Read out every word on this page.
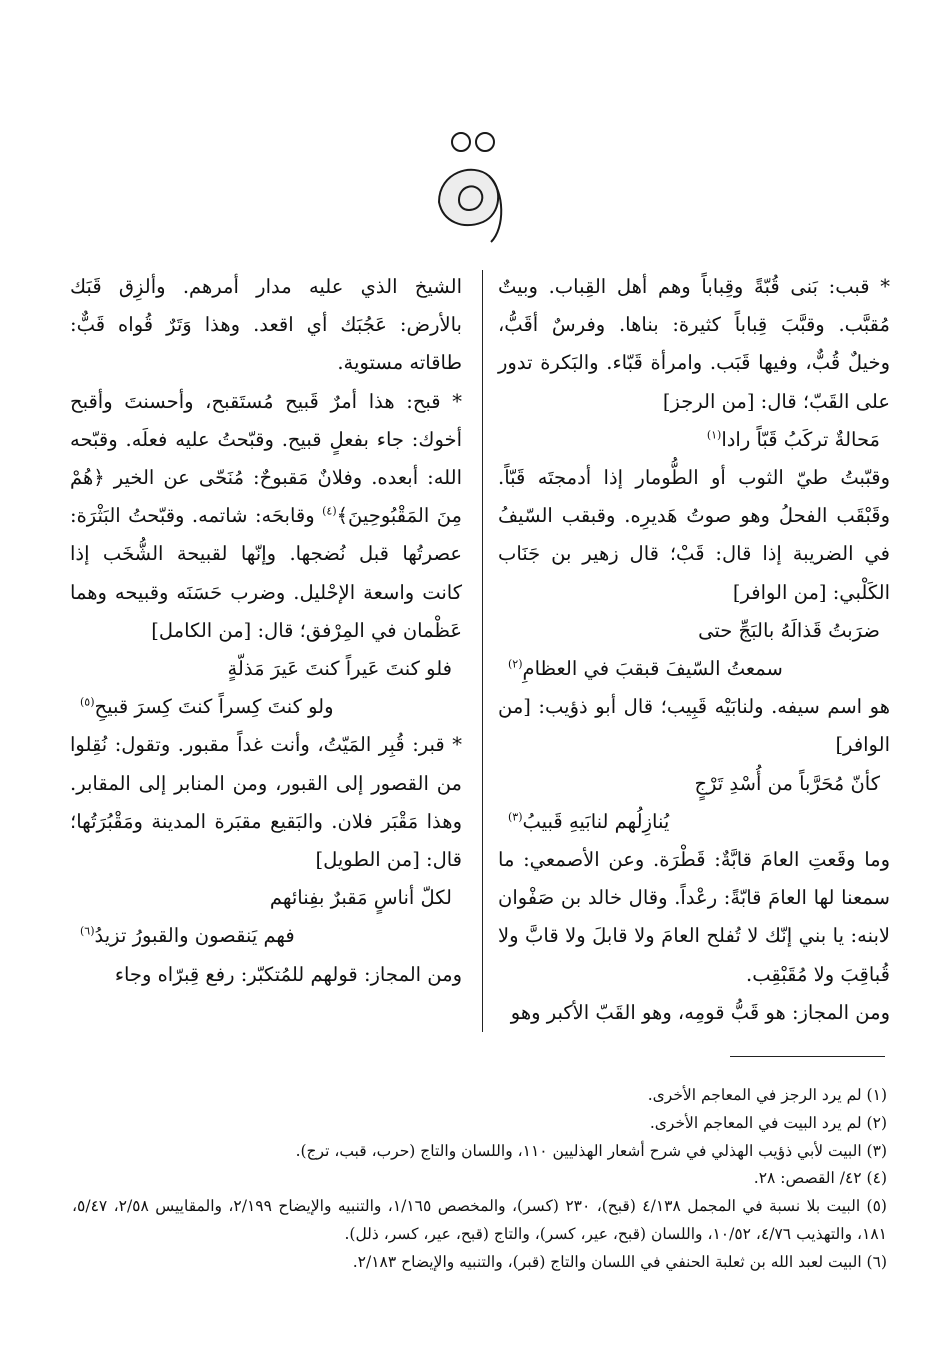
* قبب: بَنى قُبّةً وقِباباً وهم أهل القِباب. وبيتٌ مُقبَّب. وقبَّبَ قِباباً كثيرة: بناها. وفرسٌ أقَبُّ، وخيلٌ قُبٌّ، وفيها قَبَب. وامرأة قَبّاء. والبَكرة تدور على القَبّ؛ قال: [من الرجز]

مَحالةٌ تركَبُ قَبّاً رادا$^{(١)}$

وقبّبتُ طيّ الثوب أو الطُّومار إذا أدمجتَه قَبّاً. وقَبْقَب الفحلُ وهو صوتُ هَديرِه. وقبقب السّيفُ في الضريبة إذا قال: قَبْ؛ قال زهير بن جَنَاب الكَلْبي: [من الوافر]

ضرَبتُ قَذالَهُ بالبَجِّ حتى
سمعتُ السّيفَ قبقبَ في العظامِ$^{(٢)}$

هو اسم سيفه. ولنابَيْه قَبِيب؛ قال أبو ذؤيب: [من الوافر]

كأنّ مُحَرَّباً من أُسْدِ تَرْجٍ
يُنازِلُهم لنابَيهِ قَبيبُ$^{(٣)}$

وما وقَعتِ العامَ قابَّةٌ: قَطْرَة. وعن الأصمعي: ما سمعنا لها العامَ قابّةً: رعْداً. وقال خالد بن صَفْوان لابنه: يا بني إنّك لا تُفلح العامَ ولا قابلَ ولا قابَّ ولا قُباقِبَ ولا مُقَبْقِب.

ومن المجاز: هو قَبُّ قومِه، وهو القَبّ الأكبر وهو

الشيخ الذي عليه مدار أمرهم. وألزِق قَبَك بالأرض: عَجُبَك أي اقعد. وهذا وَتَرٌ قُواه قَبٌّ: طاقاته مستوية.

* قبح: هذا أمرٌ قَبيح مُستَقبح، وأحسنتَ وأقبح أخوك: جاء بفعلٍ قبيح. وقبّحتُ عليه فعلَه. وقبّحه الله: أبعده. وفلانٌ مَقبوحٌ: مُنَحّى عن الخير ﴿هُمْ مِنَ المَقْبُوحِينَ﴾$^{(٤)}$ وقابحَه: شاتمه. وقبّحتُ البَثْرَة: عصرتُها قبل نُضجها. وإنّها لقبيحة الشُّخَب إذا كانت واسعة الإحْليل. وضرب حَسَنَه وقبيحه وهما عَظْمان في المِرْفق؛ قال: [من الكامل]

فلو كنتَ عَيراً كنتَ عَيرَ مَذلّةٍ
ولو كنتَ كِسراً كنتَ كِسرَ قبيحِ$^{(٥)}$

* قبر: قُبِر المَيّتُ، وأنت غداً مقبور. وتقول: نُقِلوا من القصور إلى القبور، ومن المنابر إلى المقابر. وهذا مَقْبَر فلان. والبَقيع مقبَرة المدينة ومَقْبُرَتُها؛ قال: [من الطويل]

لكلّ أناسٍ مَقبرٌ بفِنائهم
فهم يَنقصون والقبورُ تزيدُ$^{(٦)}$

ومن المجاز: قولهم للمُتكبّر: رفع قِبرّاه وجاء

(١) لم يرد الرجز في المعاجم الأخرى.

(٢) لم يرد البيت في المعاجم الأخرى.

(٣) البيت لأبي ذؤيب الهذلي في شرح أشعار الهذليين ١١٠، واللسان والتاج (حرب، قبب، ترج).

(٤) ٤٢/ القصص: ٢٨.

(٥) البيت بلا نسبة في المجمل ٤/١٣٨ (قبح)، ٢٣٠ (كسر)، والمخصص ١/١٦٥، والتنبيه والإيضاح ٢/١٩٩، والمقاييس ٢/٥٨، ٥/٤٧، ١٨١، والتهذيب ٤/٧٦، ١٠/٥٢، واللسان (قبح، عير، كسر)، والتاج (قبح، عير، كسر، ذلل).

(٦) البيت لعبد الله بن ثعلبة الحنفي في اللسان والتاج (قبر)، والتنبيه والإيضاح ٢/١٨٣.
